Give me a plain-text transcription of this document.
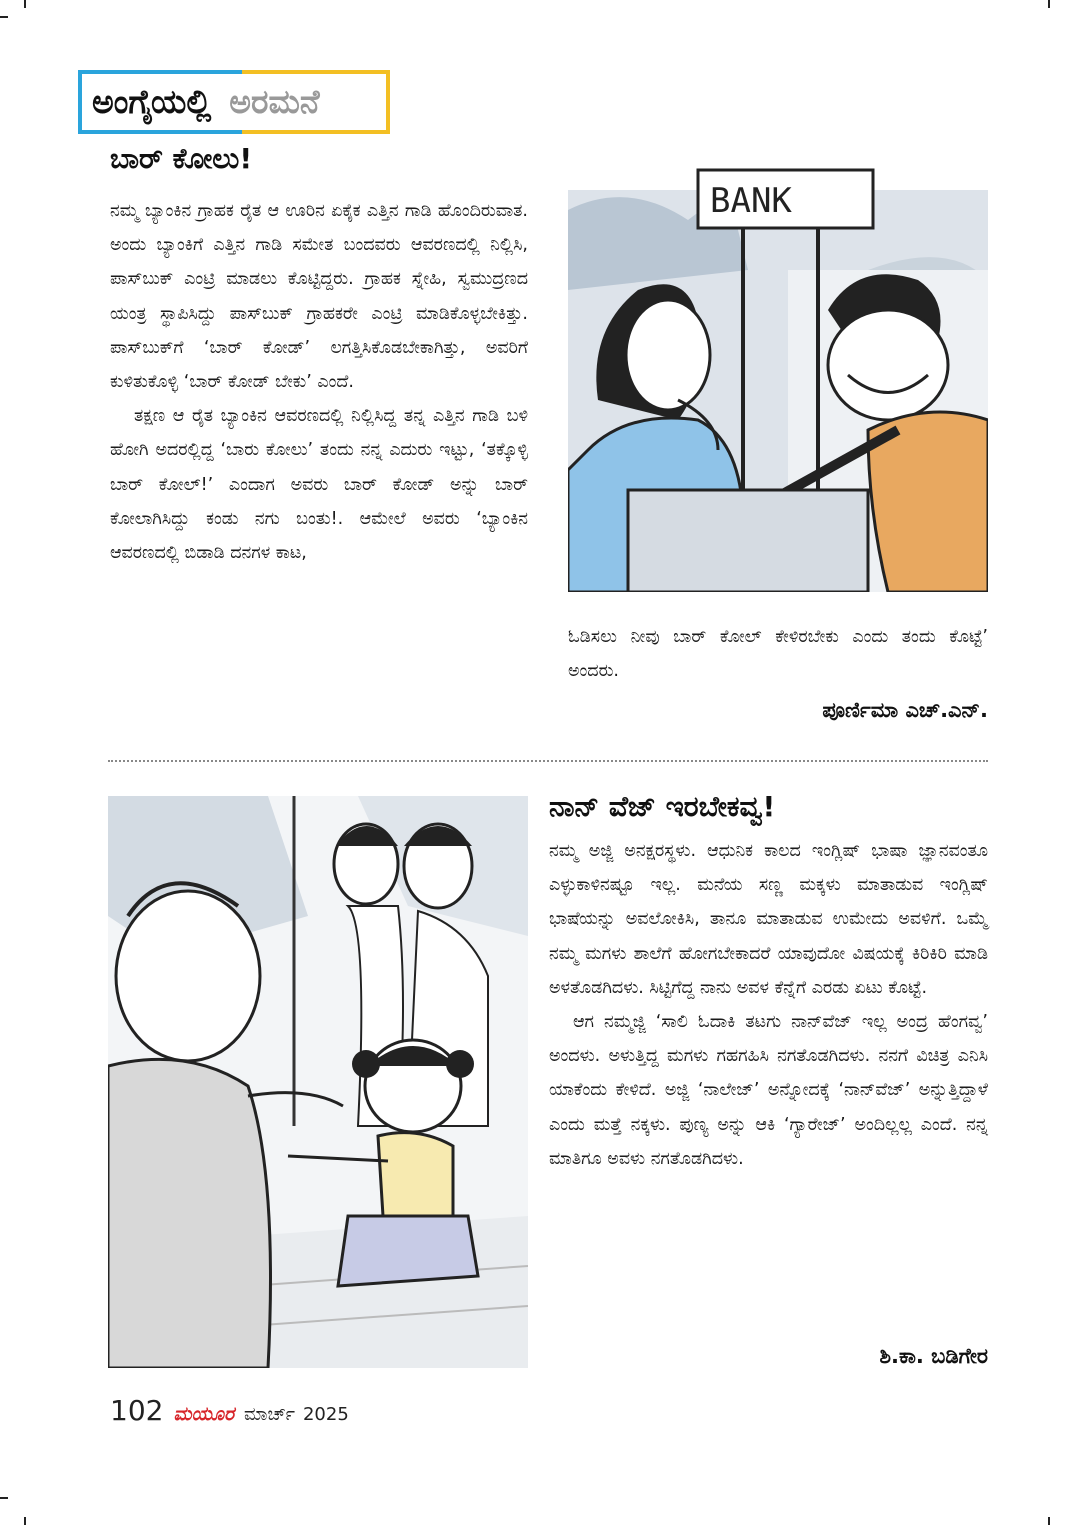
ಅಂಗೈಯಲ್ಲಿ ಅರಮನೆ
ಬಾರ್ ಕೋಲು!

ನಮ್ಮ ಬ್ಯಾಂಕಿನ ಗ್ರಾಹಕ ರೈತ ಆ ಊರಿನ ಏಕೈಕ ಎತ್ತಿನ ಗಾಡಿ ಹೊಂದಿರುವಾತ. ಅಂದು ಬ್ಯಾಂಕಿಗೆ ಎತ್ತಿನ ಗಾಡಿ ಸಮೇತ ಬಂದವರು ಆವರಣದಲ್ಲಿ ನಿಲ್ಲಿಸಿ, ಪಾಸ್‌ಬುಕ್ ಎಂಟ್ರಿ ಮಾಡಲು ಕೊಟ್ಟಿದ್ದರು. ಗ್ರಾಹಕ ಸ್ನೇಹಿ, ಸ್ವಮುದ್ರಣದ ಯಂತ್ರ ಸ್ಥಾಪಿಸಿದ್ದು ಪಾಸ್‌ಬುಕ್ ಗ್ರಾಹಕರೇ ಎಂಟ್ರಿ ಮಾಡಿಕೊಳ್ಳಬೇಕಿತ್ತು. ಪಾಸ್‌ಬುಕ್‌ಗೆ ‘ಬಾರ್ ಕೋಡ್’ ಲಗತ್ತಿಸಿಕೊಡಬೇಕಾಗಿತ್ತು, ಅವರಿಗೆ ಕುಳಿತುಕೊಳ್ಳಿ ‘ಬಾರ್ ಕೋಡ್ ಬೇಕು’ ಎಂದೆ.

ತಕ್ಷಣ ಆ ರೈತ ಬ್ಯಾಂಕಿನ ಆವರಣದಲ್ಲಿ ನಿಲ್ಲಿಸಿದ್ದ ತನ್ನ ಎತ್ತಿನ ಗಾಡಿ ಬಳಿ ಹೋಗಿ ಅದರಲ್ಲಿದ್ದ ‘ಬಾರು ಕೋಲು’ ತಂದು ನನ್ನ ಎದುರು ಇಟ್ಟು, ‘ತಕ್ಕೊಳ್ಳಿ ಬಾರ್ ಕೋಲ್!’ ಎಂದಾಗ ಅವರು ಬಾರ್ ಕೋಡ್ ಅನ್ನು ಬಾರ್ ಕೋಲಾಗಿಸಿದ್ದು ಕಂಡು ನಗು ಬಂತು!. ಆಮೇಲೆ ಅವರು ‘ಬ್ಯಾಂಕಿನ ಆವರಣದಲ್ಲಿ ಬಿಡಾಡಿ ದನಗಳ ಕಾಟ,

BANK

ಓಡಿಸಲು ನೀವು ಬಾರ್ ಕೋಲ್ ಕೇಳಿರಬೇಕು ಎಂದು ತಂದು ಕೊಟ್ಟೆ’ ಅಂದರು.

ಪೂರ್ಣಿಮಾ ಎಚ್.ಎನ್.
ನಾನ್ ವೆಜ್ ಇರಬೇಕವ್ವ!

ನಮ್ಮ ಅಜ್ಜಿ ಅನಕ್ಷರಸ್ಥಳು. ಆಧುನಿಕ ಕಾಲದ ಇಂಗ್ಲಿಷ್ ಭಾಷಾ ಜ್ಞಾನವಂತೂ ಎಳ್ಳುಕಾಳಿನಷ್ಟೂ ಇಲ್ಲ. ಮನೆಯ ಸಣ್ಣ ಮಕ್ಕಳು ಮಾತಾಡುವ ಇಂಗ್ಲಿಷ್ ಭಾಷೆಯನ್ನು ಅವಲೋಕಿಸಿ, ತಾನೂ ಮಾತಾಡುವ ಉಮೇದು ಅವಳಿಗೆ. ಒಮ್ಮೆ ನಮ್ಮ ಮಗಳು ಶಾಲೆಗೆ ಹೋಗಬೇಕಾದರೆ ಯಾವುದೋ ವಿಷಯಕ್ಕೆ ಕಿರಿಕಿರಿ ಮಾಡಿ ಅಳತೊಡಗಿದಳು. ಸಿಟ್ಟಿಗೆದ್ದ ನಾನು ಅವಳ ಕೆನ್ನೆಗೆ ಎರಡು ಏಟು ಕೊಟ್ಟೆ.

ಆಗ ನಮ್ಮಜ್ಜಿ ‘ಸಾಲಿ ಓದಾಕಿ ತಟಗು ನಾನ್‌ವೆಜ್ ಇಲ್ಲ ಅಂದ್ರ ಹೆಂಗವ್ವ’ ಅಂದಳು. ಅಳುತ್ತಿದ್ದ ಮಗಳು ಗಹಗಹಿಸಿ ನಗತೊಡಗಿದಳು. ನನಗೆ ವಿಚಿತ್ರ ಎನಿಸಿ ಯಾಕೆಂದು ಕೇಳಿದೆ. ಅಜ್ಜಿ ‘ನಾಲೇಜ್’ ಅನ್ನೋದಕ್ಕೆ ‘ನಾನ್‌ವೆಜ್’ ಅನ್ನುತ್ತಿದ್ದಾಳೆ ಎಂದು ಮತ್ತೆ ನಕ್ಕಳು. ಪುಣ್ಯ ಅನ್ನು ಆಕಿ ‘ಗ್ಯಾರೇಜ್’ ಅಂದಿಲ್ಲಲ್ಲ ಎಂದೆ. ನನ್ನ ಮಾತಿಗೂ ಅವಳು ನಗತೊಡಗಿದಳು.

ಶಿ.ಕಾ. ಬಡಿಗೇರ
102 ಮಯೂರ ಮಾರ್ಚ್ 2025
